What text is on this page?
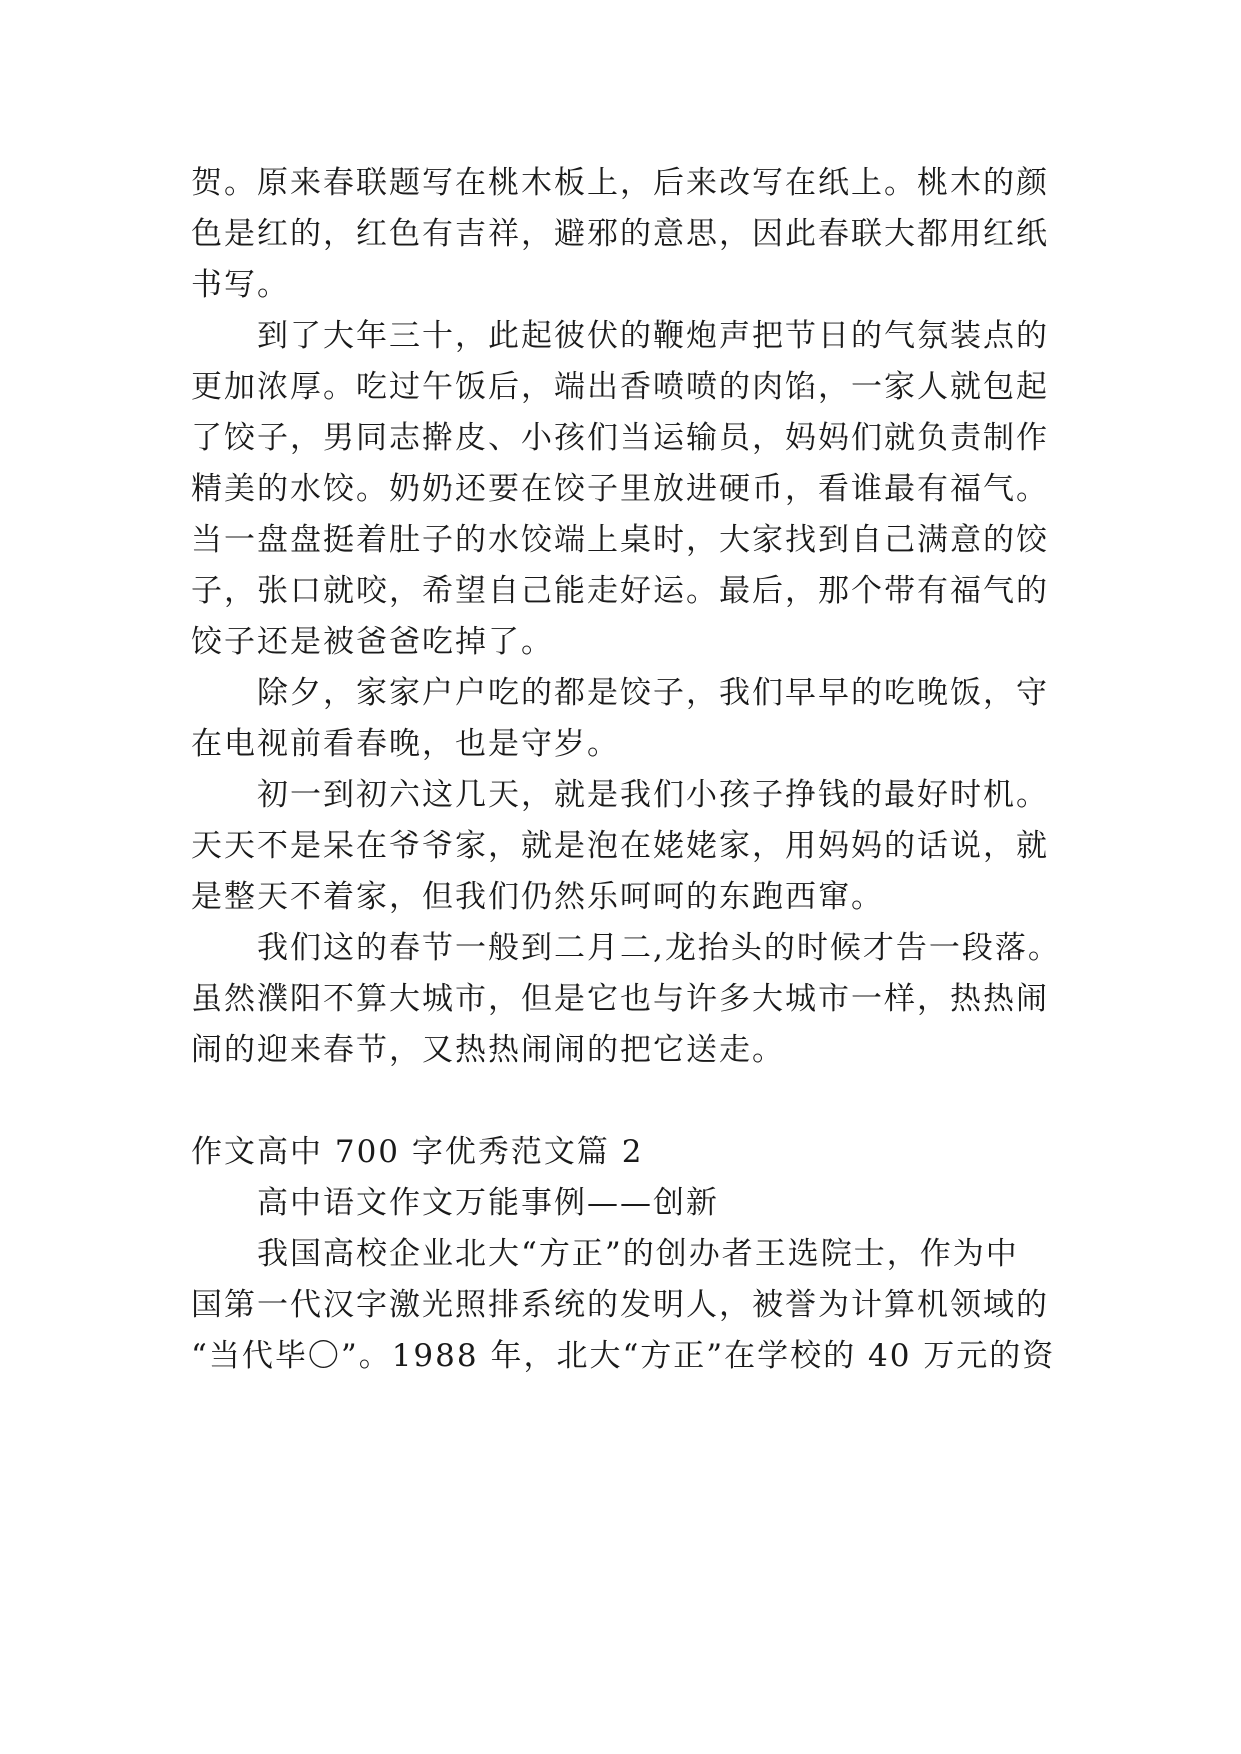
贺。原来春联题写在桃木板上，后来改写在纸上。桃木的颜
色是红的，红色有吉祥，避邪的意思，因此春联大都用红纸
书写。
到了大年三十，此起彼伏的鞭炮声把节日的气氛装点的
更加浓厚。吃过午饭后，端出香喷喷的肉馅，一家人就包起
了饺子，男同志擀皮、小孩们当运输员，妈妈们就负责制作
精美的水饺。奶奶还要在饺子里放进硬币，看谁最有福气。
当一盘盘挺着肚子的水饺端上桌时，大家找到自己满意的饺
子，张口就咬，希望自己能走好运。最后，那个带有福气的
饺子还是被爸爸吃掉了。
除夕，家家户户吃的都是饺子，我们早早的吃晚饭，守
在电视前看春晚，也是守岁。
初一到初六这几天，就是我们小孩子挣钱的最好时机。
天天不是呆在爷爷家，就是泡在姥姥家，用妈妈的话说，就
是整天不着家，但我们仍然乐呵呵的东跑西窜。
我们这的春节一般到二月二,龙抬头的时候才告一段落。
虽然濮阳不算大城市，但是它也与许多大城市一样，热热闹
闹的迎来春节，又热热闹闹的把它送走。
作文高中 700 字优秀范文篇 2
高中语文作文万能事例——创新
我国高校企业北大“方正”的创办者王选院士，作为中
国第一代汉字激光照排系统的发明人，被誉为计算机领域的
“当代毕〇”。1988 年，北大“方正”在学校的 40 万元的资
